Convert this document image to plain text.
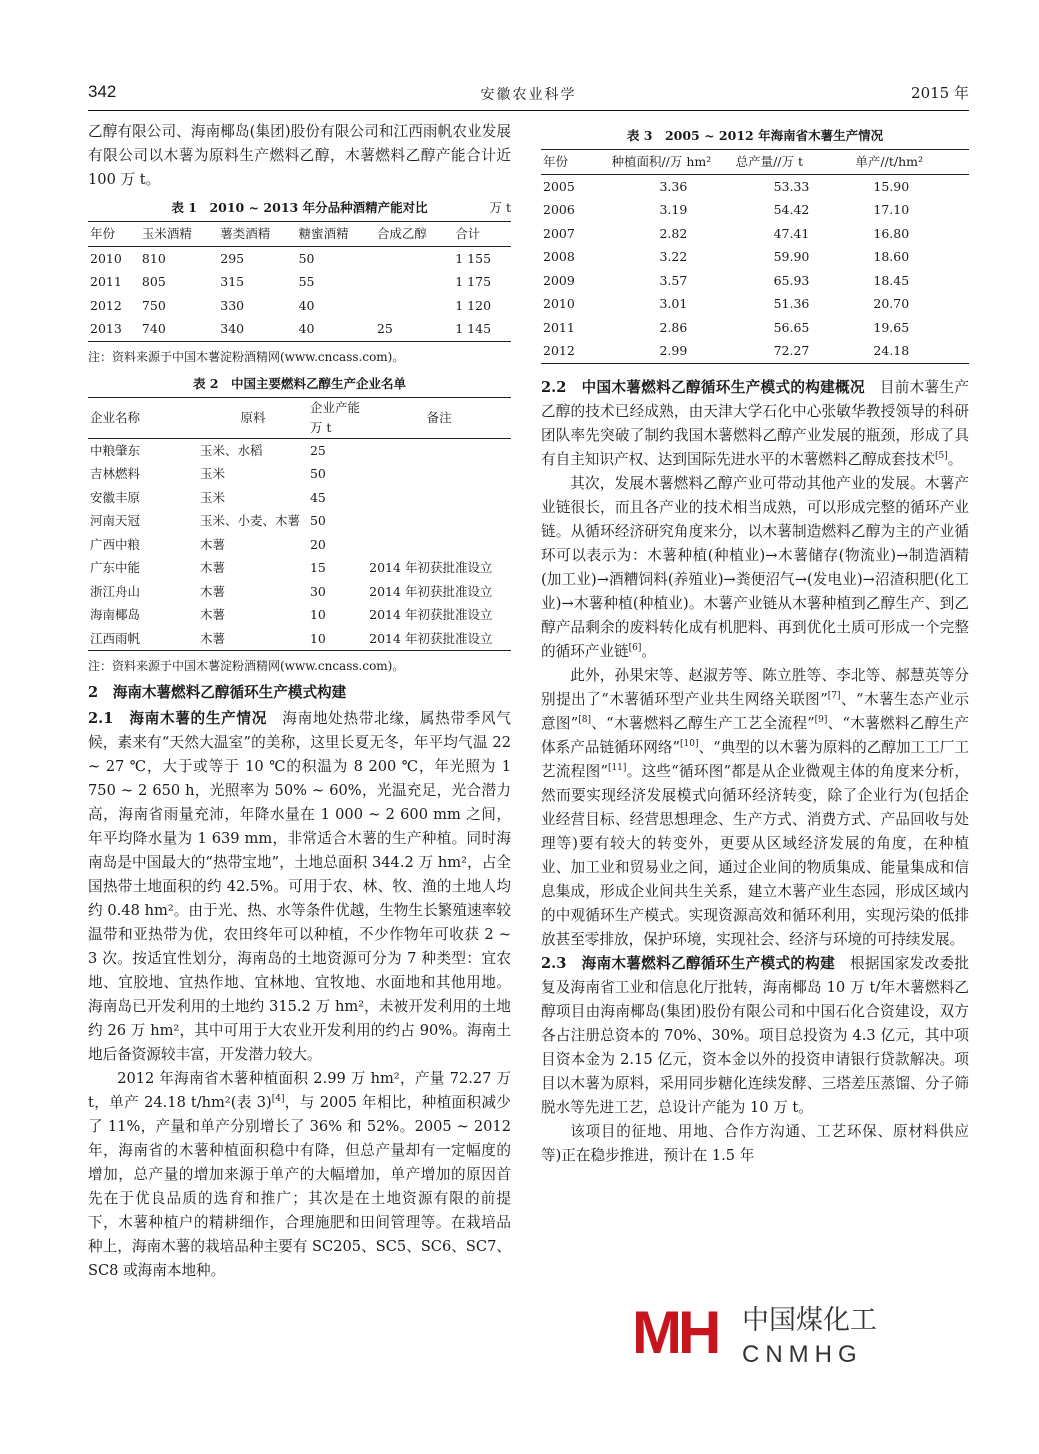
342	安徽农业科学	2015 年

乙醇有限公司、海南椰岛(集团)股份有限公司和江西雨帆农业发展有限公司以木薯为原料生产燃料乙醇，木薯燃料乙醇产能合计近 100 万 t。

表 1　2010 ~ 2013 年分品种酒精产能对比	万 t
年份	玉米酒精	薯类酒精	糖蜜酒精	合成乙醇	合计
2010	810	295	50		1 155
2011	805	315	55		1 175
2012	750	330	40		1 120
2013	740	340	40	25	1 145
注：资料来源于中国木薯淀粉酒精网(www.cncass.com)。
表 2　中国主要燃料乙醇生产企业名单
企业名称	原料	企业产能 万 t	备注
中粮肇东	玉米、水稻	25	
吉林燃料	玉米	50	
安徽丰原	玉米	45	
河南天冠	玉米、小麦、木薯	50	
广西中粮	木薯	20	
广东中能	木薯	15	2014 年初获批准设立
浙江舟山	木薯	30	2014 年初获批准设立
海南椰岛	木薯	10	2014 年初获批准设立
江西雨帆	木薯	10	2014 年初获批准设立
注：资料来源于中国木薯淀粉酒精网(www.cncass.com)。
2　海南木薯燃料乙醇循环生产模式构建

2.1　海南木薯的生产情况　 海南地处热带北缘，属热带季风气候，素来有“天然大温室”的美称，这里长夏无冬，年平均气温 22 ~ 27 ℃，大于或等于 10 ℃的积温为 8 200 ℃，年光照为 1 750 ~ 2 650 h，光照率为 50% ~ 60%，光温充足，光合潜力高，海南省雨量充沛，年降水量在 1 000 ~ 2 600 mm 之间，年平均降水量为 1 639 mm，非常适合木薯的生产种植。同时海南岛是中国最大的“热带宝地”，土地总面积 344.2 万 hm²，占全国热带土地面积的约 42.5%。可用于农、林、牧、渔的土地人均约 0.48 hm²。由于光、热、水等条件优越，生物生长繁殖速率较温带和亚热带为优，农田终年可以种植，不少作物年可收获 2 ~ 3 次。按适宜性划分，海南岛的土地资源可分为 7 种类型：宜农地、宜胶地、宜热作地、宜林地、宜牧地、水面地和其他用地。海南岛已开发利用的土地约 315.2 万 hm²，未被开发利用的土地约 26 万 hm²，其中可用于大农业开发利用的约占 90%。海南土地后备资源较丰富，开发潜力较大。

2012 年海南省木薯种植面积 2.99 万 hm²，产量 72.27 万 t，单产 24.18 t/hm²(表 3)[4]，与 2005 年相比，种植面积减少了 11%，产量和单产分别增长了 36% 和 52%。2005 ~ 2012 年，海南省的木薯种植面积稳中有降，但总产量却有一定幅度的增加，总产量的增加来源于单产的大幅增加，单产增加的原因首先在于优良品质的选育和推广；其次是在土地资源有限的前提下，木薯种植户的精耕细作，合理施肥和田间管理等。在栽培品种上，海南木薯的栽培品种主要有 SC205、SC5、SC6、SC7、SC8 或海南本地种。

表 3　2005 ~ 2012 年海南省木薯生产情况
年份	种植面积//万 hm²	总产量//万 t	单产//t/hm²
2005	3.36	53.33	15.90
2006	3.19	54.42	17.10
2007	2.82	47.41	16.80
2008	3.22	59.90	18.60
2009	3.57	65.93	18.45
2010	3.01	51.36	20.70
2011	2.86	56.65	19.65
2012	2.99	72.27	24.18

2.2　中国木薯燃料乙醇循环生产模式的构建概况　 目前木薯生产乙醇的技术已经成熟，由天津大学石化中心张敏华教授领导的科研团队率先突破了制约我国木薯燃料乙醇产业发展的瓶颈，形成了具有自主知识产权、达到国际先进水平的木薯燃料乙醇成套技术[5]。

其次，发展木薯燃料乙醇产业可带动其他产业的发展。木薯产业链很长，而且各产业的技术相当成熟，可以形成完整的循环产业链。从循环经济研究角度来分，以木薯制造燃料乙醇为主的产业循环可以表示为：木薯种植(种植业)→木薯储存(物流业)→制造酒精(加工业)→酒糟饲料(养殖业)→粪便沼气→(发电业)→沼渣积肥(化工业)→木薯种植(种植业)。木薯产业链从木薯种植到乙醇生产、到乙醇产品剩余的废料转化成有机肥料、再到优化土质可形成一个完整的循环产业链[6]。

此外，孙果宋等、赵淑芳等、陈立胜等、李北等、郝慧英等分别提出了“木薯循环型产业共生网络关联图”[7]、“木薯生态产业示意图”[8]、“木薯燃料乙醇生产工艺全流程”[9]、“木薯燃料乙醇生产体系产品链循环网络”[10]、“典型的以木薯为原料的乙醇加工工厂工艺流程图”[11]。这些“循环图”都是从企业微观主体的角度来分析，然而要实现经济发展模式向循环经济转变，除了企业行为(包括企业经营目标、经营思想理念、生产方式、消费方式、产品回收与处理等)要有较大的转变外，更要从区域经济发展的角度，在种植业、加工业和贸易业之间，通过企业间的物质集成、能量集成和信息集成，形成企业间共生关系，建立木薯产业生态园，形成区域内的中观循环生产模式。实现资源高效和循环利用，实现污染的低排放甚至零排放，保护环境，实现社会、经济与环境的可持续发展。

2.3　海南木薯燃料乙醇循环生产模式的构建　 根据国家发改委批复及海南省工业和信息化厅批转，海南椰岛 10 万 t/年木薯燃料乙醇项目由海南椰岛(集团)股份有限公司和中国石化合资建设，双方各占注册总资本的 70%、30%。项目总投资为 4.3 亿元，其中项目资本金为 2.15 亿元，资本金以外的投资申请银行贷款解决。项目以木薯为原料，采用同步糖化连续发酵、三塔差压蒸馏、分子筛脱水等先进工艺，总设计产能为 10 万 t。

该项目的征地、用地、合作方沟通、工艺环保、原材料供应等)正在稳步推进，预计在 1.5 年

MH 中国煤化工
CNMHG
